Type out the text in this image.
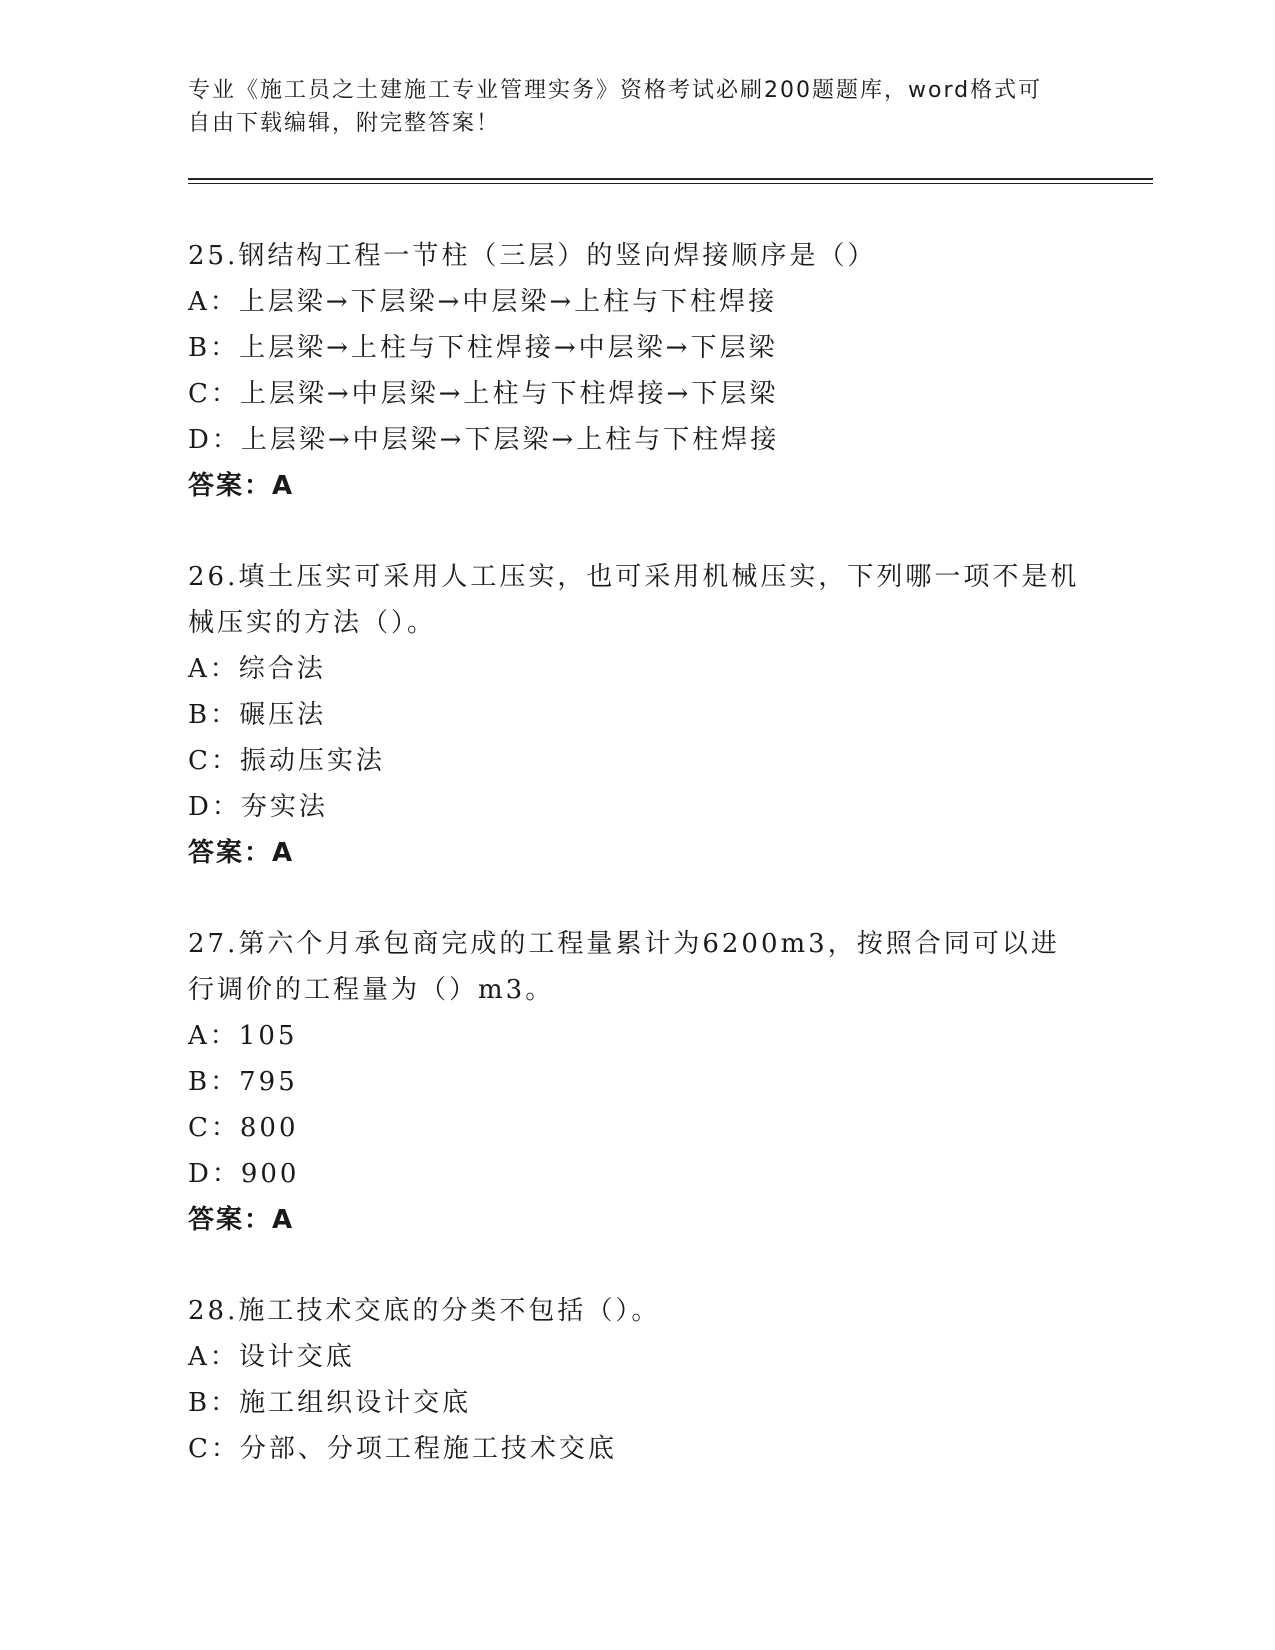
专业《施工员之土建施工专业管理实务》资格考试必刷200题题库，word格式可
自由下载编辑，附完整答案！
25.钢结构工程一节柱（三层）的竖向焊接顺序是（）
A：上层梁→下层梁→中层梁→上柱与下柱焊接
B：上层梁→上柱与下柱焊接→中层梁→下层梁
C：上层梁→中层梁→上柱与下柱焊接→下层梁
D：上层梁→中层梁→下层梁→上柱与下柱焊接
答案：A
26.填土压实可采用人工压实，也可采用机械压实，下列哪一项不是机械压实的方法（）。
A：综合法
B：碾压法
C：振动压实法
D：夯实法
答案：A
27.第六个月承包商完成的工程量累计为6200m3，按照合同可以进行调价的工程量为（）m3。
A：105
B：795
C：800
D：900
答案：A
28.施工技术交底的分类不包括（）。
A：设计交底
B：施工组织设计交底
C：分部、分项工程施工技术交底
